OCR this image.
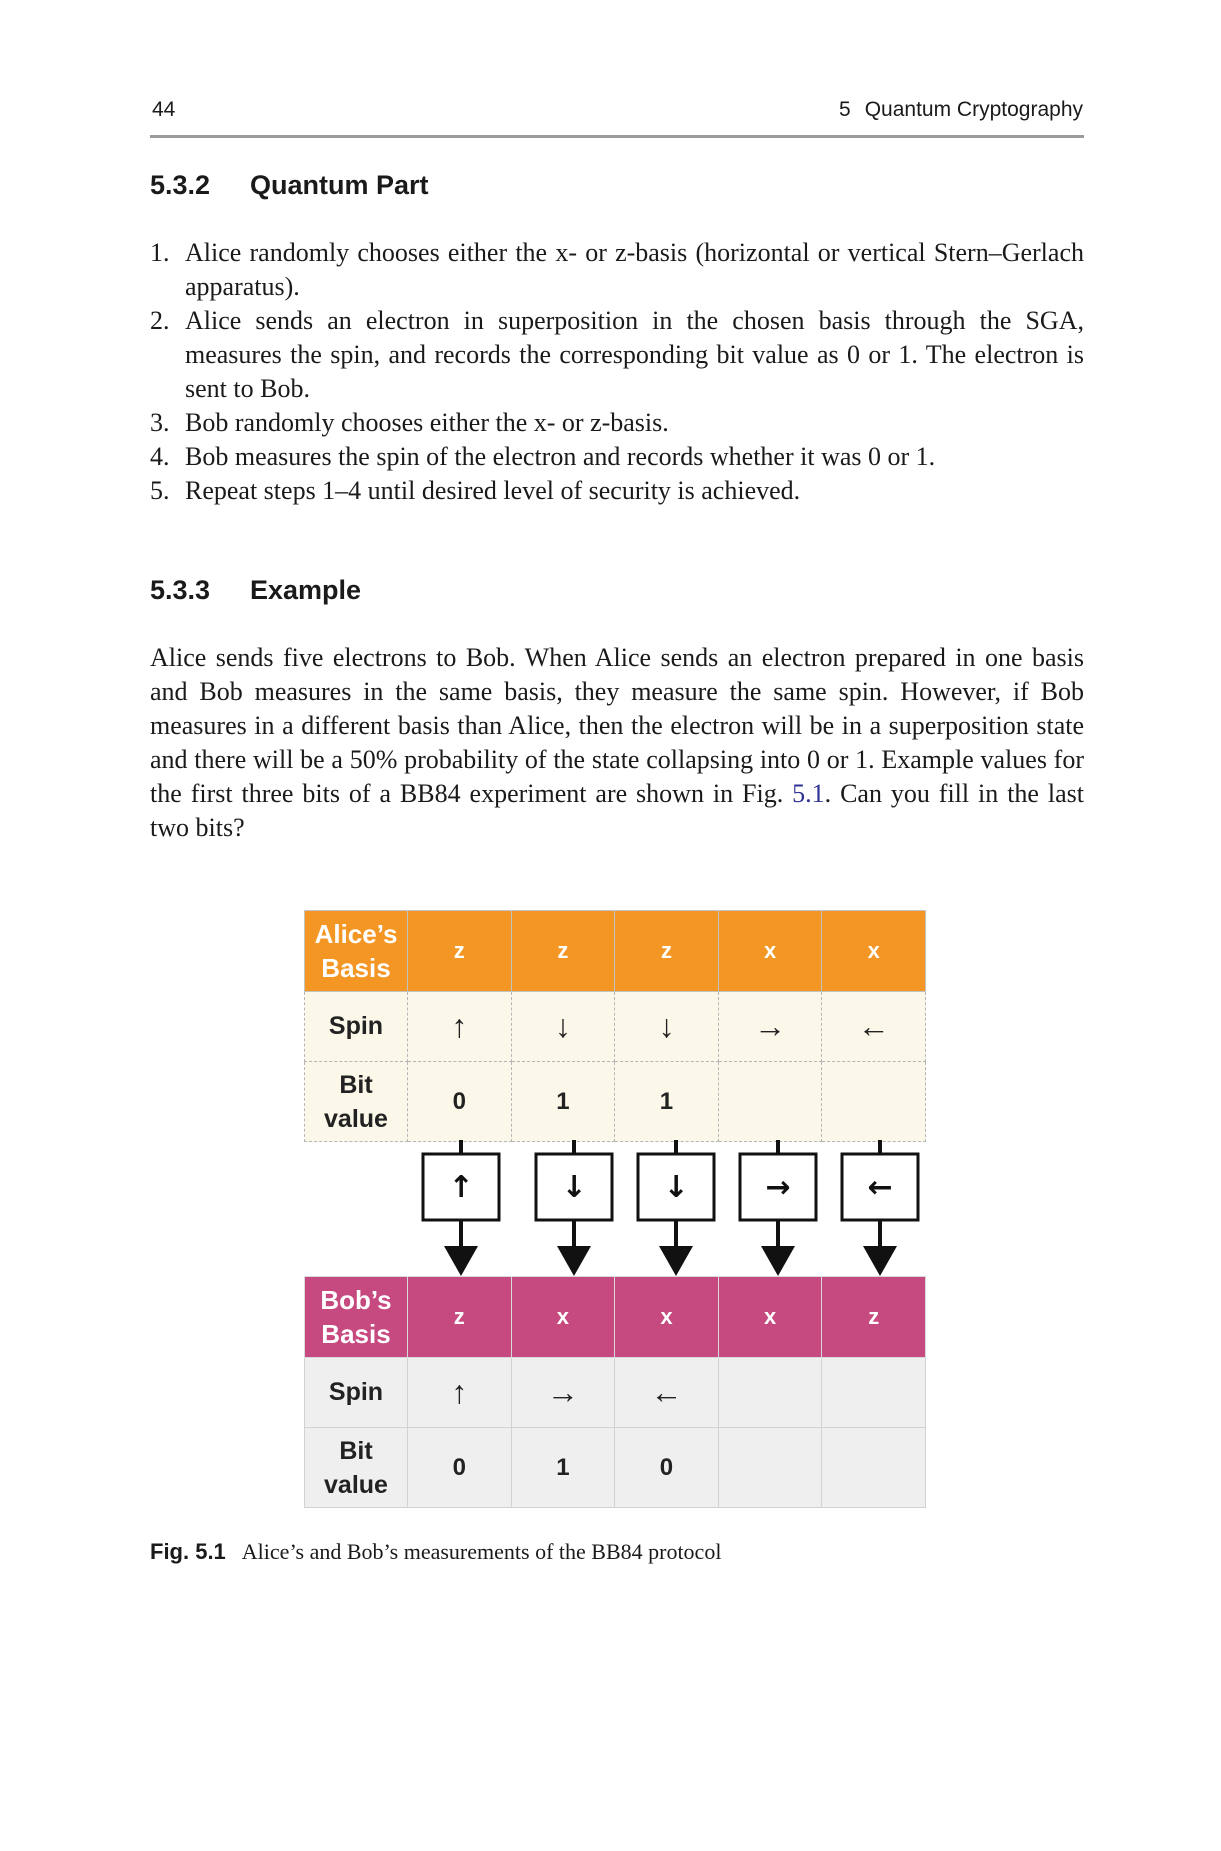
44	5 Quantum Cryptography
5.3.2 Quantum Part
1. Alice randomly chooses either the x- or z-basis (horizontal or vertical Stern–Gerlach apparatus).
2. Alice sends an electron in superposition in the chosen basis through the SGA, measures the spin, and records the corresponding bit value as 0 or 1. The electron is sent to Bob.
3. Bob randomly chooses either the x- or z-basis.
4. Bob measures the spin of the electron and records whether it was 0 or 1.
5. Repeat steps 1–4 until desired level of security is achieved.
5.3.3 Example

Alice sends five electrons to Bob. When Alice sends an electron prepared in one basis and Bob measures in the same basis, they measure the same spin. However, if Bob measures in a different basis than Alice, then the electron will be in a superposition state and there will be a 50% probability of the state collapsing into 0 or 1. Example values for the first three bits of a BB84 experiment are shown in Fig. 5.1. Can you fill in the last two bits?

Alice’s
Basis	z	z	z	x	x
Spin	↑	↓	↓	→	←
Bit
value	0	1	1		
↑	↓	↓	→	←
Bob’s
Basis	z	x	x	x	z
Spin	↑	→	←		
Bit
value	0	1	0		
Fig. 5.1 Alice’s and Bob’s measurements of the BB84 protocol
